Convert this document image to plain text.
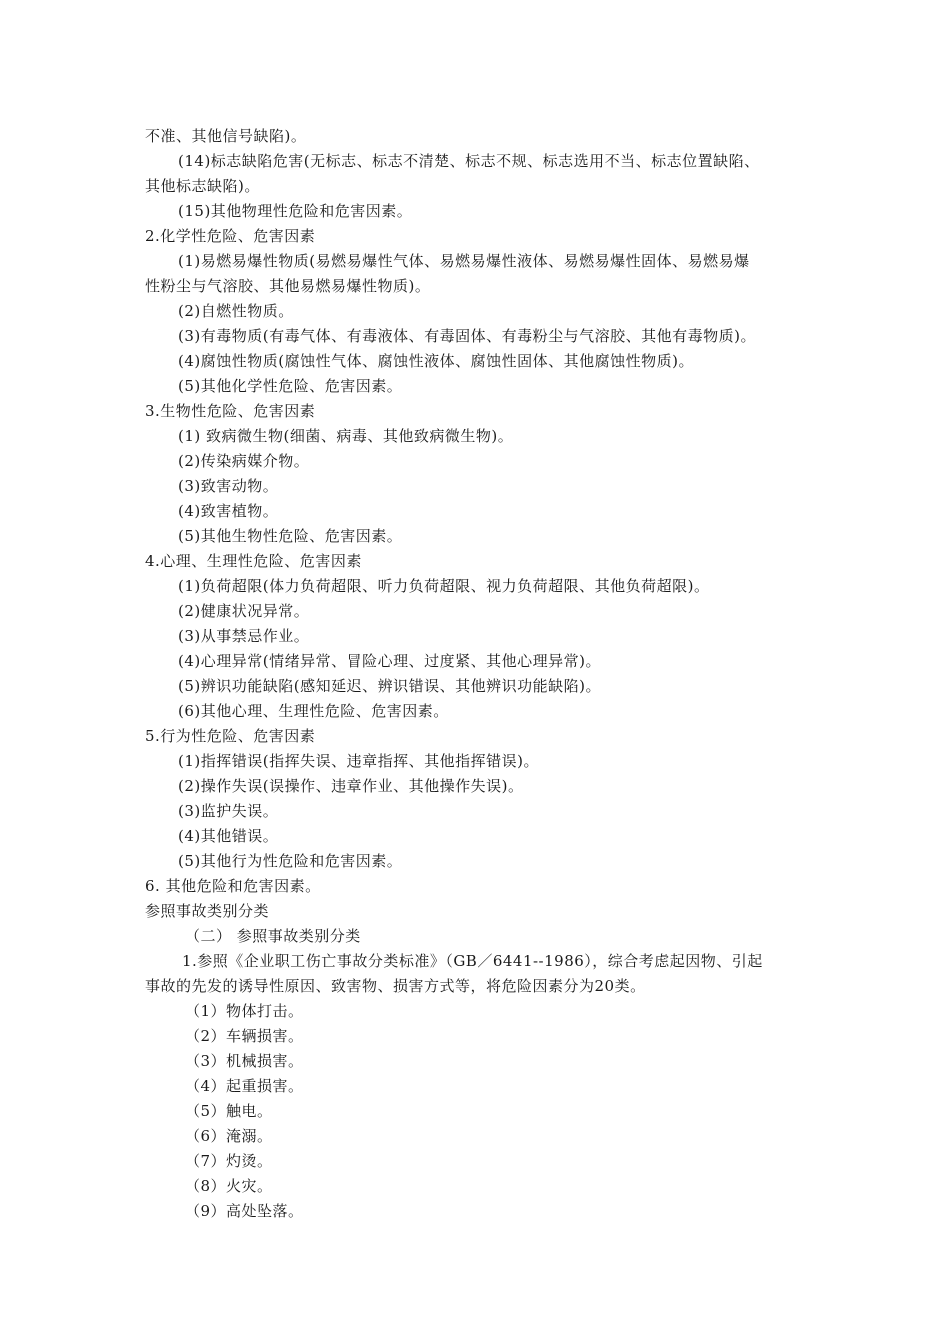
不准、其他信号缺陷)。
(14)标志缺陷危害(无标志、标志不清楚、标志不规、标志选用不当、标志位置缺陷、
其他标志缺陷)。
(15)其他物理性危险和危害因素。
2.化学性危险、危害因素
(1)易燃易爆性物质(易燃易爆性气体、易燃易爆性液体、易燃易爆性固体、易燃易爆
性粉尘与气溶胶、其他易燃易爆性物质)。
(2)自燃性物质。
(3)有毒物质(有毒气体、有毒液体、有毒固体、有毒粉尘与气溶胶、其他有毒物质)。
(4)腐蚀性物质(腐蚀性气体、腐蚀性液体、腐蚀性固体、其他腐蚀性物质)。
(5)其他化学性危险、危害因素。
3.生物性危险、危害因素
(1) 致病微生物(细菌、病毒、其他致病微生物)。
(2)传染病媒介物。
(3)致害动物。
(4)致害植物。
(5)其他生物性危险、危害因素。
4.心理、生理性危险、危害因素
(1)负荷超限(体力负荷超限、听力负荷超限、视力负荷超限、其他负荷超限)。
(2)健康状况异常。
(3)从事禁忌作业。
(4)心理异常(情绪异常、冒险心理、过度紧、其他心理异常)。
(5)辨识功能缺陷(感知延迟、辨识错误、其他辨识功能缺陷)。
(6)其他心理、生理性危险、危害因素。
5.行为性危险、危害因素
(1)指挥错误(指挥失误、违章指挥、其他指挥错误)。
(2)操作失误(误操作、违章作业、其他操作失误)。
(3)监护失误。
(4)其他错误。
(5)其他行为性危险和危害因素。
6. 其他危险和危害因素。
参照事故类别分类
（二） 参照事故类别分类
1.参照《企业职工伤亡事故分类标准》（GB／6441--1986），综合考虑起因物、引起
事故的先发的诱导性原因、致害物、损害方式等，将危险因素分为20类。
（1）物体打击。
（2）车辆损害。
（3）机械损害。
（4）起重损害。
（5）触电。
（6）淹溺。
（7）灼烫。
（8）火灾。
（9）高处坠落。
